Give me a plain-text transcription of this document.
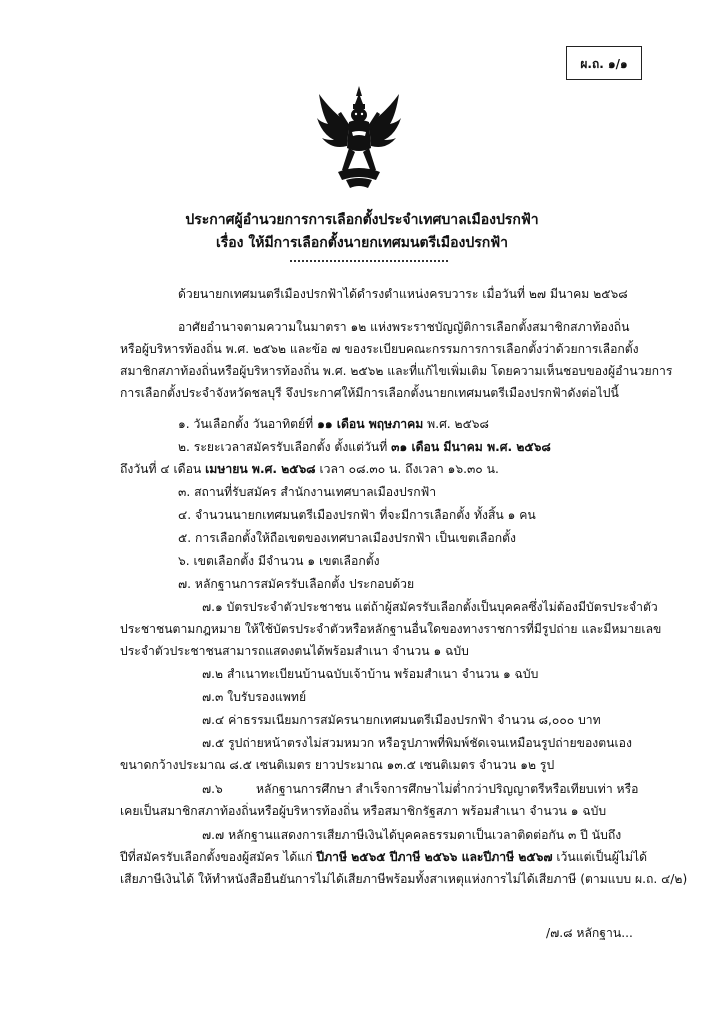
ผ.ถ. ๑/๑
ประกาศผู้อำนวยการการเลือกตั้งประจำเทศบาลเมืองปรกฟ้า
เรื่อง ให้มีการเลือกตั้งนายกเทศมนตรีเมืองปรกฟ้า
ด้วยนายกเทศมนตรีเมืองปรกฟ้าได้ดำรงตำแหน่งครบวาระ เมื่อวันที่ ๒๗ มีนาคม ๒๕๖๘
อาศัยอำนาจตามความในมาตรา ๑๒ แห่งพระราชบัญญัติการเลือกตั้งสมาชิกสภาท้องถิ่น
หรือผู้บริหารท้องถิ่น พ.ศ. ๒๕๖๒ และข้อ ๗ ของระเบียบคณะกรรมการการเลือกตั้งว่าด้วยการเลือกตั้ง
สมาชิกสภาท้องถิ่นหรือผู้บริหารท้องถิ่น พ.ศ. ๒๕๖๒ และที่แก้ไขเพิ่มเติม โดยความเห็นชอบของผู้อำนวยการ
การเลือกตั้งประจำจังหวัดชลบุรี จึงประกาศให้มีการเลือกตั้งนายกเทศมนตรีเมืองปรกฟ้าดังต่อไปนี้
๑. วันเลือกตั้ง วันอาทิตย์ที่ ๑๑ เดือน พฤษภาคม พ.ศ. ๒๕๖๘
๒. ระยะเวลาสมัครรับเลือกตั้ง ตั้งแต่วันที่ ๓๑ เดือน มีนาคม พ.ศ. ๒๕๖๘
ถึงวันที่ ๔ เดือน เมษายน พ.ศ. ๒๕๖๘ เวลา ๐๘.๓๐ น. ถึงเวลา ๑๖.๓๐ น.
๓. สถานที่รับสมัคร สำนักงานเทศบาลเมืองปรกฟ้า
๔. จำนวนนายกเทศมนตรีเมืองปรกฟ้า ที่จะมีการเลือกตั้ง ทั้งสิ้น ๑ คน
๕. การเลือกตั้งให้ถือเขตของเทศบาลเมืองปรกฟ้า เป็นเขตเลือกตั้ง
๖. เขตเลือกตั้ง มีจำนวน ๑ เขตเลือกตั้ง
๗. หลักฐานการสมัครรับเลือกตั้ง ประกอบด้วย
๗.๑ บัตรประจำตัวประชาชน แต่ถ้าผู้สมัครรับเลือกตั้งเป็นบุคคลซึ่งไม่ต้องมีบัตรประจำตัว
ประชาชนตามกฎหมาย ให้ใช้บัตรประจำตัวหรือหลักฐานอื่นใดของทางราชการที่มีรูปถ่าย และมีหมายเลข
ประจำตัวประชาชนสามารถแสดงตนได้พร้อมสำเนา จำนวน ๑ ฉบับ
๗.๒ สำเนาทะเบียนบ้านฉบับเจ้าบ้าน พร้อมสำเนา จำนวน ๑ ฉบับ
๗.๓ ใบรับรองแพทย์
๗.๔ ค่าธรรมเนียมการสมัครนายกเทศมนตรีเมืองปรกฟ้า จำนวน ๘,๐๐๐ บาท
๗.๕ รูปถ่ายหน้าตรงไม่สวมหมวก หรือรูปภาพที่พิมพ์ชัดเจนเหมือนรูปถ่ายของตนเอง
ขนาดกว้างประมาณ ๘.๕ เซนติเมตร ยาวประมาณ ๑๓.๕ เซนติเมตร จำนวน ๑๒ รูป
๗.๖	หลักฐานการศึกษา สำเร็จการศึกษาไม่ต่ำกว่าปริญญาตรีหรือเทียบเท่า หรือ
เคยเป็นสมาชิกสภาท้องถิ่นหรือผู้บริหารท้องถิ่น หรือสมาชิกรัฐสภา พร้อมสำเนา จำนวน ๑ ฉบับ
๗.๗ หลักฐานแสดงการเสียภาษีเงินได้บุคคลธรรมดาเป็นเวลาติดต่อกัน ๓ ปี นับถึง
ปีที่สมัครรับเลือกตั้งของผู้สมัคร ได้แก่ ปีภาษี ๒๕๖๕ ปีภาษี ๒๕๖๖ และปีภาษี ๒๕๖๗ เว้นแต่เป็นผู้ไม่ได้
เสียภาษีเงินได้ ให้ทำหนังสือยืนยันการไม่ได้เสียภาษีพร้อมทั้งสาเหตุแห่งการไม่ได้เสียภาษี (ตามแบบ ผ.ถ. ๔/๒)
/๗.๘ หลักฐาน...
